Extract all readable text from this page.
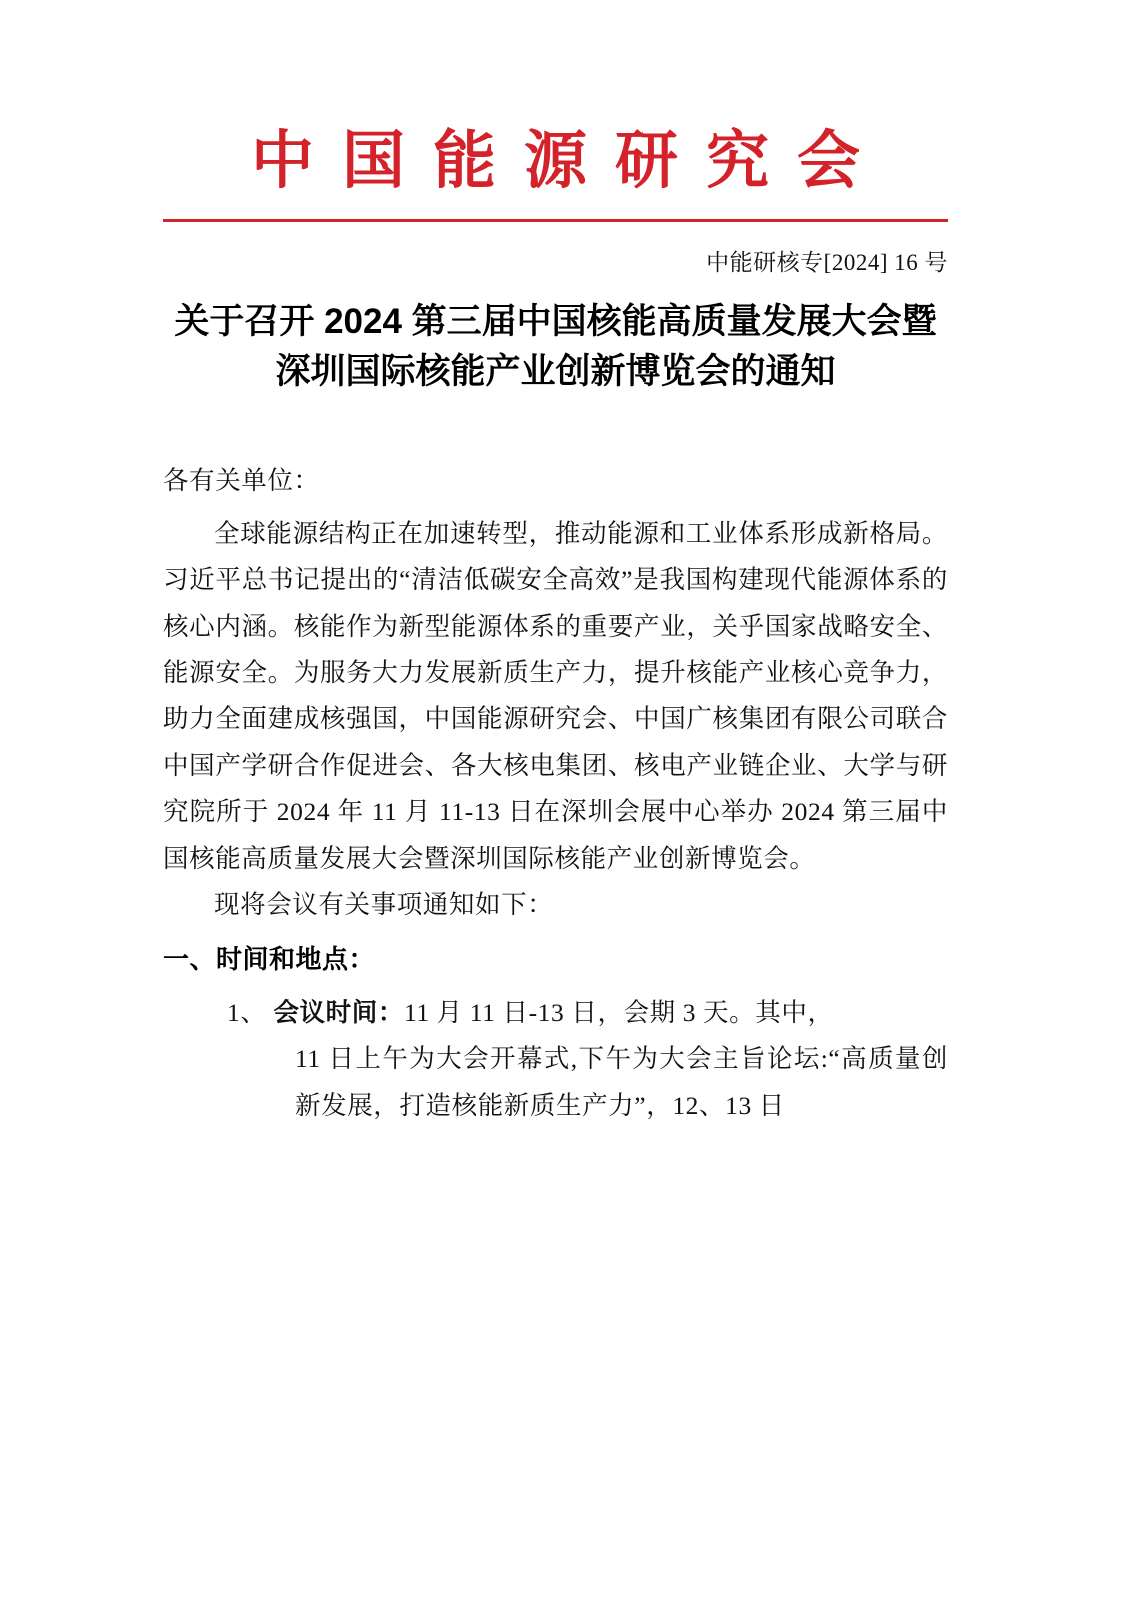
中国能源研究会
中能研核专[2024] 16 号
关于召开 2024 第三届中国核能高质量发展大会暨深圳国际核能产业创新博览会的通知

各有关单位：

全球能源结构正在加速转型，推动能源和工业体系形成新格局。习近平总书记提出的“清洁低碳安全高效”是我国构建现代能源体系的核心内涵。核能作为新型能源体系的重要产业，关乎国家战略安全、能源安全。为服务大力发展新质生产力，提升核能产业核心竞争力，助力全面建成核强国，中国能源研究会、中国广核集团有限公司联合中国产学研合作促进会、各大核电集团、核电产业链企业、大学与研究院所于 2024 年 11 月 11-13 日在深圳会展中心举办 2024 第三届中国核能高质量发展大会暨深圳国际核能产业创新博览会。

现将会议有关事项通知如下：

一、时间和地点：
1、 会议时间：11 月 11 日-13 日，会期 3 天。其中，
11 日上午为大会开幕式,下午为大会主旨论坛:“高质量创新发展，打造核能新质生产力”，12、13 日
